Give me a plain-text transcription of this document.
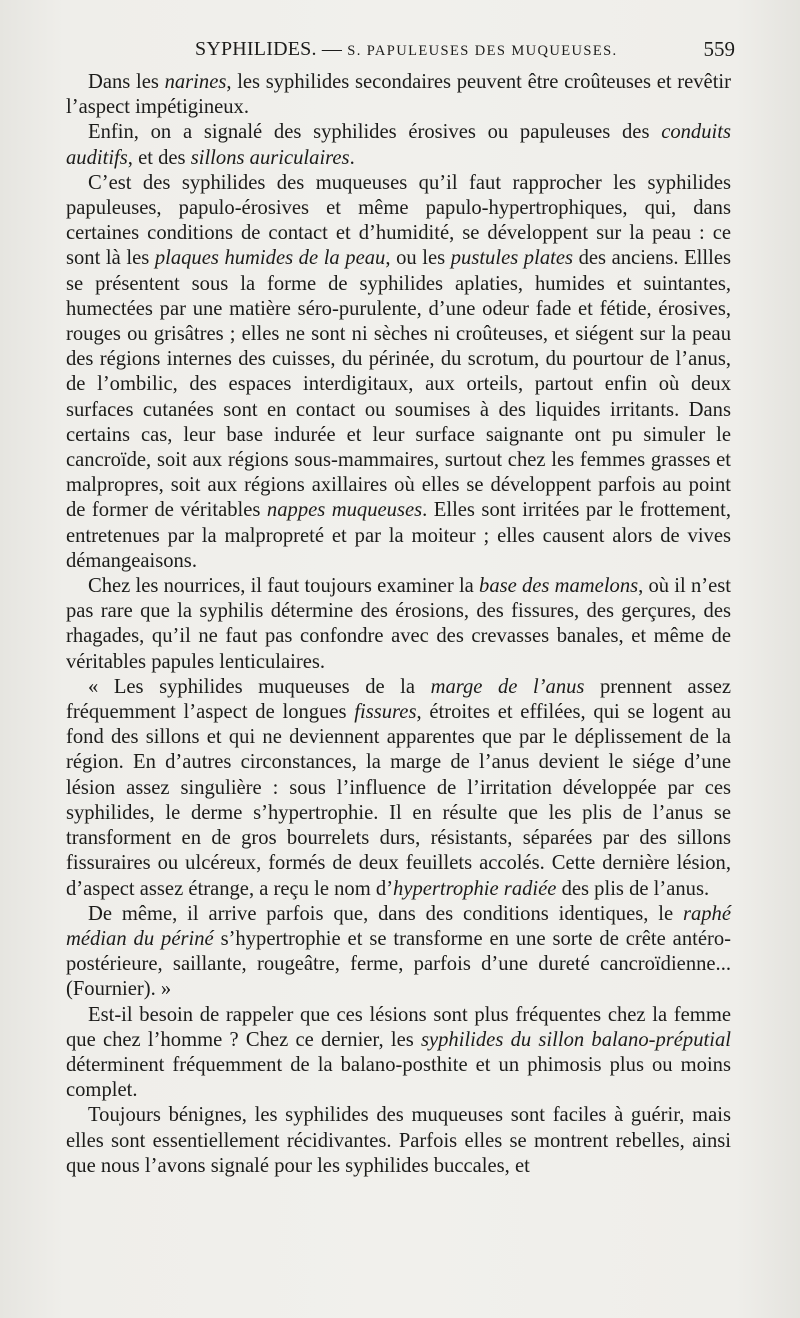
SYPHILIDES. — S. PAPULEUSES DES MUQUEUSES.	559

Dans les narines, les syphilides secondaires peuvent être croûteuses et revêtir l’aspect impétigineux.

Enfin, on a signalé des syphilides érosives ou papuleuses des conduits auditifs, et des sillons auriculaires.

C’est des syphilides des muqueuses qu’il faut rapprocher les syphilides papuleuses, papulo-érosives et même papulo-hypertrophiques, qui, dans certaines conditions de contact et d’humidité, se développent sur la peau : ce sont là les plaques humides de la peau, ou les pustules plates des anciens. Ellles se présentent sous la forme de syphilides aplaties, humides et suintantes, humectées par une matière séro-purulente, d’une odeur fade et fétide, érosives, rouges ou grisâtres ; elles ne sont ni sèches ni croûteuses, et siégent sur la peau des régions internes des cuisses, du périnée, du scrotum, du pourtour de l’anus, de l’ombilic, des espaces interdigitaux, aux orteils, partout enfin où deux surfaces cutanées sont en contact ou soumises à des liquides irritants. Dans certains cas, leur base indurée et leur surface saignante ont pu simuler le cancroïde, soit aux régions sous-mammaires, surtout chez les femmes grasses et malpropres, soit aux régions axillaires où elles se développent parfois au point de former de véritables nappes muqueuses. Elles sont irritées par le frottement, entretenues par la malpropreté et par la moiteur ; elles causent alors de vives démangeaisons.

Chez les nourrices, il faut toujours examiner la base des mamelons, où il n’est pas rare que la syphilis détermine des érosions, des fissures, des gerçures, des rhagades, qu’il ne faut pas confondre avec des crevasses banales, et même de véritables papules lenticulaires.

« Les syphilides muqueuses de la marge de l’anus prennent assez fréquemment l’aspect de longues fissures, étroites et effilées, qui se logent au fond des sillons et qui ne deviennent apparentes que par le déplissement de la région. En d’autres circonstances, la marge de l’anus devient le siége d’une lésion assez singulière : sous l’influence de l’irritation développée par ces syphilides, le derme s’hypertrophie. Il en résulte que les plis de l’anus se transforment en de gros bourrelets durs, résistants, séparées par des sillons fissuraires ou ulcéreux, formés de deux feuillets accolés. Cette dernière lésion, d’aspect assez étrange, a reçu le nom d’hypertrophie radiée des plis de l’anus.

De même, il arrive parfois que, dans des conditions identiques, le raphé médian du périné s’hypertrophie et se transforme en une sorte de crête antéro-postérieure, saillante, rougeâtre, ferme, parfois d’une dureté cancroïdienne... (Fournier). »

Est-il besoin de rappeler que ces lésions sont plus fréquentes chez la femme que chez l’homme ? Chez ce dernier, les syphilides du sillon balano-préputial déterminent fréquemment de la balano-posthite et un phimosis plus ou moins complet.

Toujours bénignes, les syphilides des muqueuses sont faciles à guérir, mais elles sont essentiellement récidivantes. Parfois elles se montrent rebelles, ainsi que nous l’avons signalé pour les syphilides buccales, et
